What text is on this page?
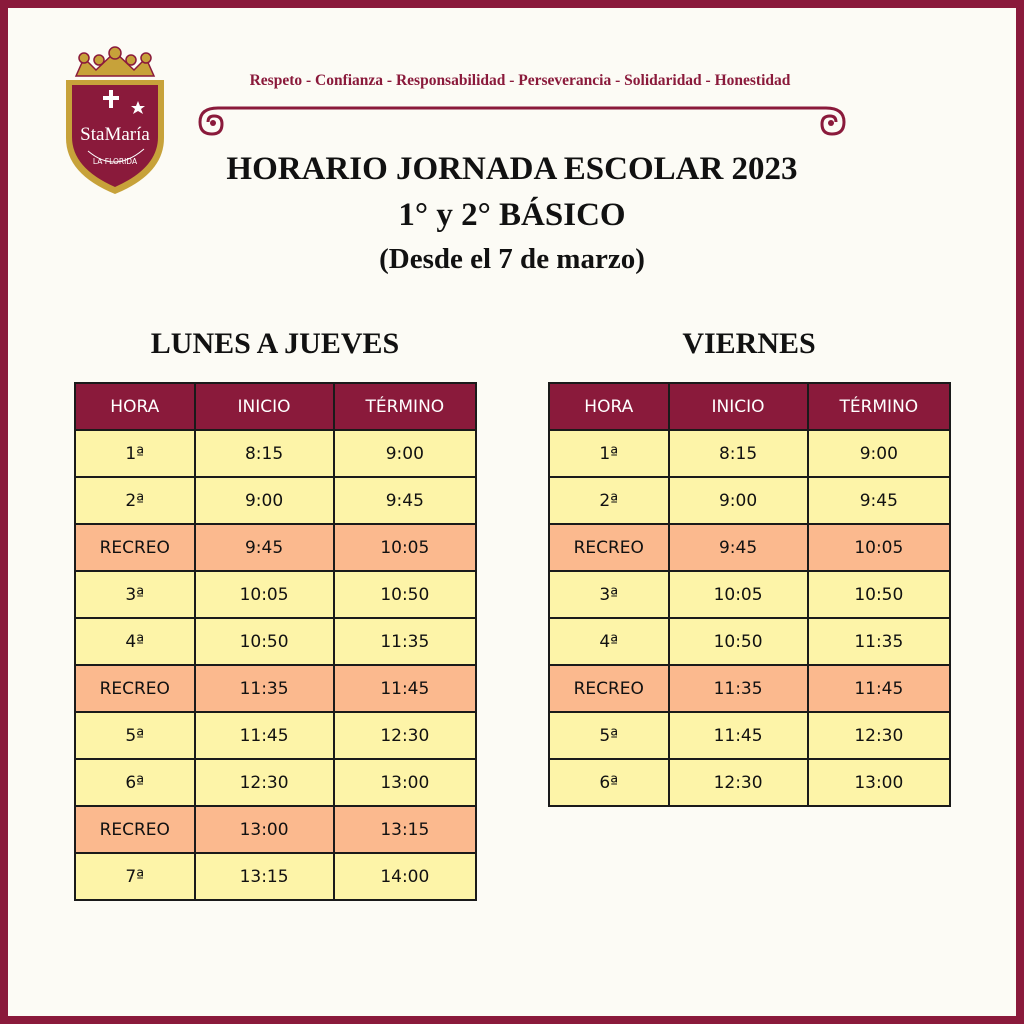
StaMaría
LA FLORIDA
Respeto - Confianza - Responsabilidad - Perseverancia - Solidaridad - Honestidad
HORARIO JORNADA ESCOLAR 2023
1° y 2° BÁSICO
(Desde el 7 de marzo)
LUNES A JUEVES	VIERNES
HORA	INICIO	TÉRMINO
1ª	8:15	9:00
2ª	9:00	9:45
RECREO	9:45	10:05
3ª	10:05	10:50
4ª	10:50	11:35
RECREO	11:35	11:45
5ª	11:45	12:30
6ª	12:30	13:00
RECREO	13:00	13:15
7ª	13:15	14:00
HORA	INICIO	TÉRMINO
1ª	8:15	9:00
2ª	9:00	9:45
RECREO	9:45	10:05
3ª	10:05	10:50
4ª	10:50	11:35
RECREO	11:35	11:45
5ª	11:45	12:30
6ª	12:30	13:00
